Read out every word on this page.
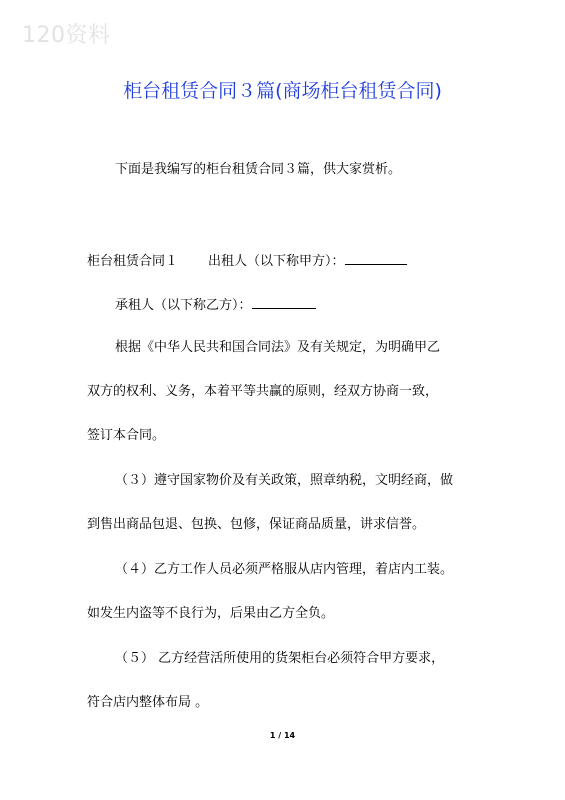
120资料
柜台租赁合同３篇(商场柜台租赁合同)
下面是我编写的柜台租赁合同３篇，供大家赏析。
柜台租赁合同１ 出租人（以下称甲方）：
承租人（以下称乙方）：
根据《中华人民共和国合同法》及有关规定，为明确甲乙
双方的权利、义务，本着平等共赢的原则，经双方协商一致，
签订本合同。
（３）遵守国家物价及有关政策，照章纳税，文明经商，做
到售出商品包退、包换、包修，保证商品质量，讲求信誉。
（４）乙方工作人员必须严格服从店内管理，着店内工装。
如发生内盗等不良行为，后果由乙方全负。
（５） 乙方经营活所使用的货架柜台必须符合甲方要求，
符合店内整体布局 。
1 / 14
